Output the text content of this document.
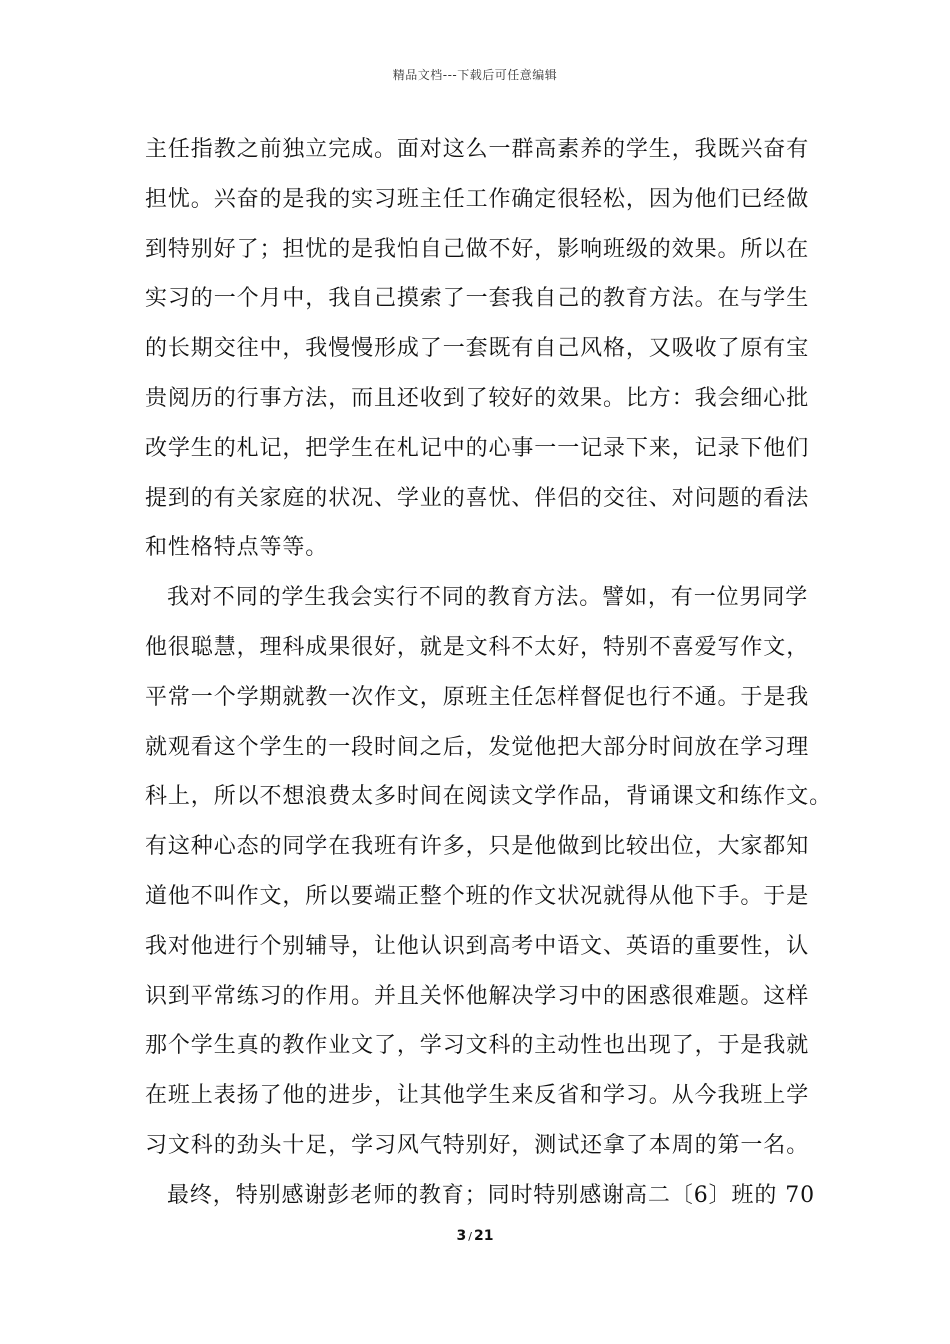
精品文档---下载后可任意编辑
主任指教之前独立完成。面对这么一群高素养的学生，我既兴奋有
担忧。兴奋的是我的实习班主任工作确定很轻松，因为他们已经做
到特别好了；担忧的是我怕自己做不好，影响班级的效果。所以在
实习的一个月中，我自己摸索了一套我自己的教育方法。在与学生
的长期交往中，我慢慢形成了一套既有自己风格，又吸收了原有宝
贵阅历的行事方法，而且还收到了较好的效果。比方：我会细心批
改学生的札记，把学生在札记中的心事一一记录下来，记录下他们
提到的有关家庭的状况、学业的喜忧、伴侣的交往、对问题的看法
和性格特点等等。
我对不同的学生我会实行不同的教育方法。譬如，有一位男同学
他很聪慧，理科成果很好，就是文科不太好，特别不喜爱写作文，
平常一个学期就教一次作文，原班主任怎样督促也行不通。于是我
就观看这个学生的一段时间之后，发觉他把大部分时间放在学习理
科上，所以不想浪费太多时间在阅读文学作品，背诵课文和练作文。
有这种心态的同学在我班有许多，只是他做到比较出位，大家都知
道他不叫作文，所以要端正整个班的作文状况就得从他下手。于是
我对他进行个别辅导，让他认识到高考中语文、英语的重要性，认
识到平常练习的作用。并且关怀他解决学习中的困惑很难题。这样
那个学生真的教作业文了，学习文科的主动性也出现了，于是我就
在班上表扬了他的进步，让其他学生来反省和学习。从今我班上学
习文科的劲头十足，学习风气特别好，测试还拿了本周的第一名。
最终，特别感谢彭老师的教育；同时特别感谢高二〔6〕班的 70
3 / 21
